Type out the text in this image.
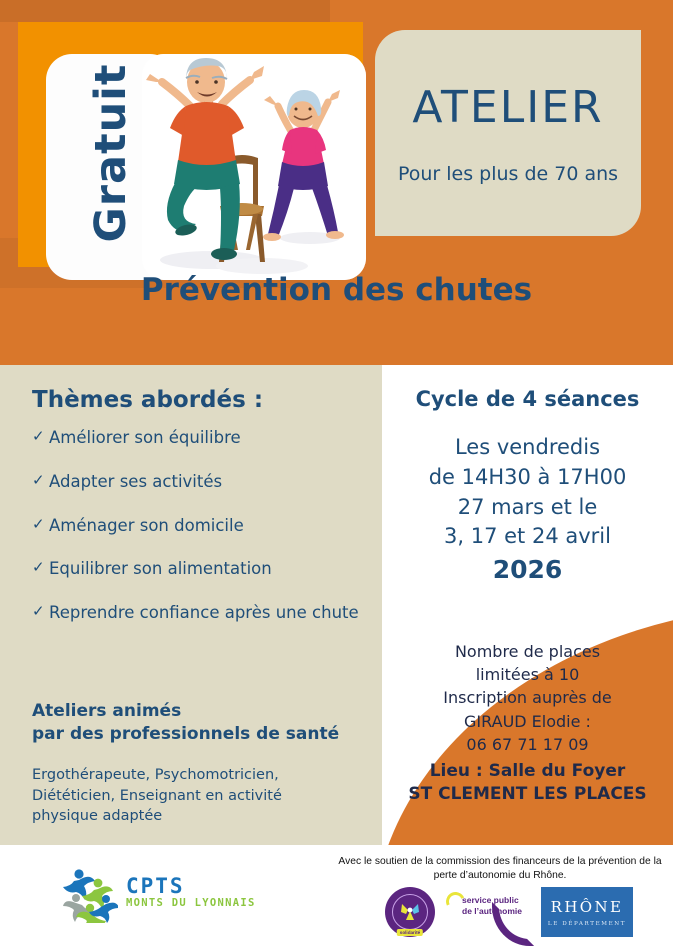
Gratuit	ATELIER
Pour les plus de 70 ans
Prévention des chutes
Thèmes abordés :
✓ Améliorer son équilibre
✓ Adapter ses activités
✓ Aménager son domicile
✓ Equilibrer son alimentation
✓ Reprendre confiance après une chute
Ateliers animés
par des professionnels de santé
Ergothérapeute, Psychomotricien, Diététicien, Enseignant en activité physique adaptée
Cycle de 4 séances
Les vendredis
de 14H30 à 17H00
27 mars et le
3, 17 et 24 avril
2026
Nombre de places
limitées à 10
Inscription auprès de
GIRAUD Elodie :
06 67 71 17 09
Lieu : Salle du Foyer
ST CLEMENT LES PLACES
CPTS
MONTS DU LYONNAIS
Avec le soutien de la commission des financeurs de la prévention de la perte d’autonomie du Rhône.
solidarité
service public
de l’autonomie RHÔNE
LE DÉPARTEMENT
